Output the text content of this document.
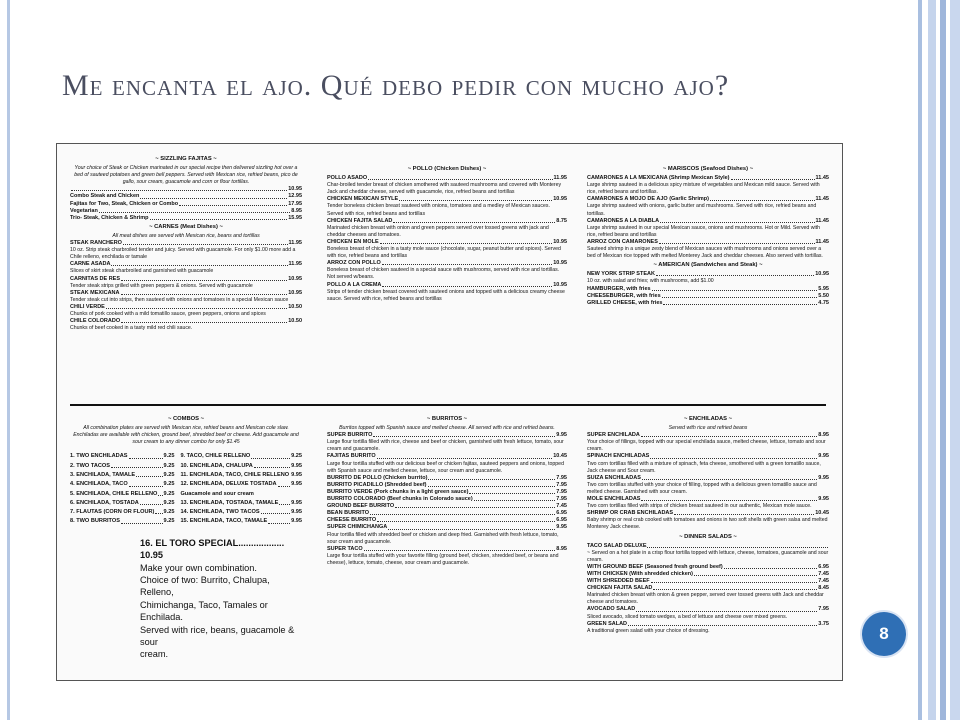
Me encanta el ajo. Qué debo pedir con mucho ajo?
~ SIZZLING FAJITAS ~
Your choice of Steak or Chicken marinated in our special recipe then delivered sizzling hot over a bed of sauteed potatoes and green bell peppers. Served with Mexican rice, refried beans, pico de gallo, sour cream, guacamole and corn or flour tortillas.
10.95
Combo Steak and Chicken	12.95
Fajitas for Two, Steak, Chicken or Combo	17.95
Vegetarian	8.95
Trio- Steak, Chicken & Shrimp	15.95
~ CARNES (Meat Dishes) ~
All meat dishes are served with Mexican rice, beans and tortillas
STEAK RANCHERO	11.95
10 oz. Strip steak charbroiled tender and juicy. Served with guacamole. For only $1.00 more add a Chile relleno, enchilada or tamale
CARNE ASADA	11.95
Slices of skirt steak charbroiled and garnished with guacamole
CARNITAS DE RES	10.95
Tender steak strips grilled with green peppers & onions. Served with guacamole
STEAK MEXICANA	10.95
Tender steak cut into strips, then sauteed with onions and tomatoes in a special Mexican sauce
CHILI VERDE	10.50
Chunks of pork cooked with a mild tomatillo sauce, green peppers, onions and spices
CHILE COLORADO	10.50
Chunks of beef cooked in a tasty mild red chili sauce.
~ POLLO (Chicken Dishes) ~
POLLO ASADO	11.95
Char-broiled tender breast of chicken smothered with sauteed mushrooms and covered with Monterey Jack and cheddar cheese, served with guacamole, rice, refried beans and tortillas
CHICKEN MEXICAN STYLE	10.95
Tender boneless chicken breast sauteed with onions, tomatoes and a medley of Mexican sauces. Served with rice, refried beans and tortillas
CHICKEN FAJITA SALAD	8.75
Marinated chicken breast with onion and green peppers served over tossed greens with jack and cheddar cheeses and tomatoes.
CHICKEN EN MOLE	10.95
Boneless breast of chicken in a tasty mole sauce (chocolate, sugar, peanut butter and spices). Served with rice, refried beans and tortillas
ARROZ CON POLLO	10.95
Boneless breast of chicken sauteed in a special sauce with mushrooms, served with rice and tortillas. Not served w/beans.
POLLO A LA CREMA	10.95
Strips of tender chicken breast covered with sauteed onions and topped with a delicious creamy cheese sauce. Served with rice, refried beans and tortillas
~ MARISCOS (Seafood Dishes) ~
CAMARONES A LA MEXICANA (Shrimp Mexican Style)	11.45
Large shrimp sauteed in a delicious spicy mixture of vegetables and Mexican mild sauce. Served with rice, refried beans and tortillas.
CAMARONES A MOJO DE AJO (Garlic Shrimp)	11.45
Large shrimp sauteed with onions, garlic butter and mushrooms. Served with rice, refried beans and tortillas.
CAMARONES A LA DIABLA	11.45
Large shrimp sauteed in our special Mexican sauce, onions and mushrooms. Hot or Mild. Served with rice, refried beans and tortillas
ARROZ CON CAMARONES	11.45
Sauteed shrimp in a unique zesty blend of Mexican sauces with mushrooms and onions served over a bed of Mexican rice topped with melted Monterey Jack and cheddar cheeses. Also served with tortillas.
~ AMERICAN (Sandwiches and Steak) ~
NEW YORK STRIP STEAK	10.95
10 oz. with salad and fries; with mushrooms, add $1.00
HAMBURGER, with fries	5.95
CHEESEBURGER, with fries	5.50
GRILLED CHEESE, with fries	4.75
~ COMBOS ~
All combination plates are served with Mexican rice, refried beans and Mexican cole slaw. Enchiladas are available with chicken, ground beef, shredded beef or cheese. Add guacamole and sour cream to any dinner combo for only $1.45
1. TWO ENCHILADAS	9.25 9. TACO, CHILE RELLENO	9.25
2. TWO TACOS	9.25 10. ENCHILADA, CHALUPA	9.95
3. ENCHILADA, TAMALE	9.25 11. ENCHILADA, TACO, CHILE RELLENO 9.95
4. ENCHILADA, TACO	9.25 12. ENCHILADA, DELUXE TOSTADA	9.95
5. ENCHILADA, CHILE RELLENO 9.25 Guacamole and sour cream
6. ENCHILADA, TOSTADA	9.25 13. ENCHILADA, TOSTADA, TAMALE 9.95
7. FLAUTAS (CORN OR FLOUR) 9.25 14. ENCHILADA, TWO TACOS	9.95
8. TWO BURRITOS	9.25 15. ENCHILADA, TACO, TAMALE	9.95
16. EL TORO SPECIAL.................. 10.95
Make your own combination.
Choice of two: Burrito, Chalupa, Relleno,
Chimichanga, Taco, Tamales or Enchilada.
Served with rice, beans, guacamole & sour
cream.
~ BURRITOS ~
Burritos topped with Spanish sauce and melted cheese. All served with rice and refried beans.
SUPER BURRITO	9.95
Large flour tortilla filled with rice, cheese and beef or chicken, garnished with fresh lettuce, tomato, sour cream and guacamole.
FAJITAS BURRITO	10.45
Large flour tortilla stuffed with our delicious beef or chicken fajitas, sauteed peppers and onions, topped with Spanish sauce and melted cheese, lettuce, sour cream and guacamole.
BURRITO DE POLLO (Chicken burrito)	7.95
BURRITO PICADILLO (Shredded beef)	7.95
BURRITO VERDE (Pork chunks in a light green sauce)	7.95
BURRITO COLORADO (Beef chunks in Colorado sauce)	7.95
GROUND BEEF BURRITO	7.45
BEAN BURRITO	6.95
CHEESE BURRITO	6.95
SUPER CHIMICHANGA	9.95
Flour tortilla filled with shredded beef or chicken and deep fried. Garnished with fresh lettuce, tomato, sour cream and guacamole.
SUPER TACO	8.95
Large flour tortilla stuffed with your favorite filling (ground beef, chicken, shredded beef, or beans and cheese), lettuce, tomato, cheese, sour cream and guacamole.
~ ENCHILADAS ~
Served with rice and refried beans
SUPER ENCHILADA	8.95
Your choice of fillings, topped with our special enchilada sauce, melted cheese, lettuce, tomato and sour cream.
SPINACH ENCHILADAS	9.95
Two corn tortillas filled with a mixture of spinach, feta cheese, smothered with a green tomatillo sauce, Jack cheese and Sour cream.
SUIZA ENCHILADAS	9.95
Two corn tortillas stuffed with your choice of filling, topped with a delicious green tomatillo sauce and melted cheese. Garnished with sour cream.
MOLE ENCHILADAS	9.95
Two corn tortillas filled with strips of chicken breast sauteed in our authentic, Mexican mole sauce.
SHRIMP OR CRAB ENCHILADAS	10.45
Baby shrimp or real crab cooked with tomatoes and onions in two soft shells with green salsa and melted Monterey Jack cheese.
~ DINNER SALADS ~
TACO SALAD DELUXE
~ Served on a hot plate in a crisp flour tortilla topped with lettuce, cheese, tomatoes, guacamole and sour cream.
WITH GROUND BEEF (Seasoned fresh ground beef)	6.95
WITH CHICKEN (With shredded chicken)	7.45
WITH SHREDDED BEEF	7.45
CHICKEN FAJITA SALAD	8.45
Marinated chicken breast with onion & green pepper, served over tossed greens with Jack and cheddar cheese and tomatoes.
AVOCADO SALAD	7.95
Sliced avocado, sliced tomato wedges, a bed of lettuce and cheese over mixed greens.
GREEN SALAD	3.75
A traditional green salad with your choice of dressing.	8
